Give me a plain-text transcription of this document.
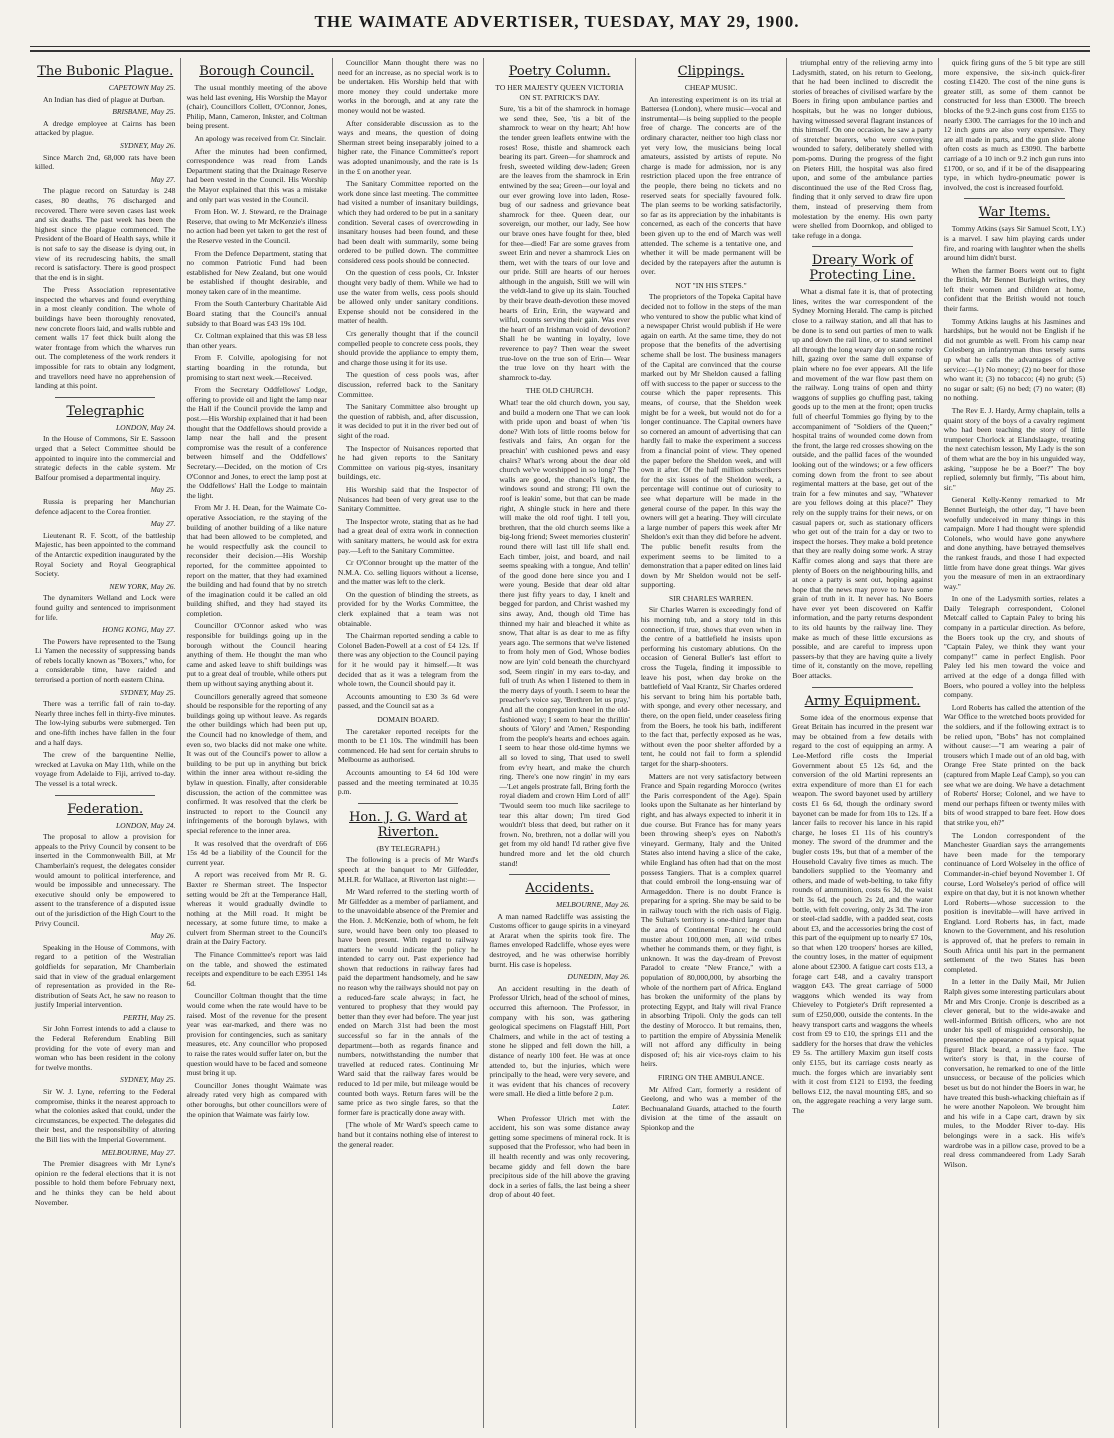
THE WAIMATE ADVERTISER, TUESDAY, MAY 29, 1900.
The Bubonic Plague.
CAPETOWN May 25.

An Indian has died of plague at Durban.

BRISBANE, May 25.

A dredge employee at Cairns has been attacked by plague.

SYDNEY, May 26.

Since March 2nd, 68,000 rats have been killed.

May 27.

The plague record on Saturday is 248 cases, 80 deaths, 76 discharged and recovered. There were seven cases last week and six deaths. The past week has been the highest since the plague commenced. The President of the Board of Health says, while it is not safe to say the disease is dying out, in view of its recrudescing habits, the small record is satisfactory. There is good prospect that the end is in sight.

The Press Association representative inspected the wharves and found everything in a most cleanly condition. The whole of buildings have been thoroughly renovated, new concrete floors laid, and walls rubble and cement walls 17 feet thick built along the water frontage from which the wharves run out. The completeness of the work renders it impossible for rats to obtain any lodgment, and travellors need have no apprehension of landing at this point.

Telegraphic
LONDON, May 24.

In the House of Commons, Sir E. Sassoon urged that a Select Committee should be appointed to inquire into the commercial and strategic defects in the cable system. Mr Balfour promised a departmental inquiry.

May 25.

Russia is preparing her Manchurian defence adjacent to the Corea frontier.

May 27.

Lieutenant R. F. Scott, of the battleship Majestic, has been appointed to the command of the Antarctic expedition inaugurated by the Royal Society and Royal Geographical Society.

NEW YORK, May 26.

The dynamiters Welland and Lock were found guilty and sentenced to imprisonment for life.

HONG KONG, May 27.

The Powers have represented to the Tsung Li Yamen the necessity of suppressing bands of rebels locally known as "Boxers," who, for a considerable time, have raided and terrorised a portion of north eastern China.

SYDNEY, May 25.

There was a terrific fall of rain to-day. Nearly three inches fell in thirty-five minutes. The low-lying suburbs were submerged. Ten and one-fifth inches have fallen in the four and a half days.

The crew of the barquentine Nellie, wrecked at Lavuka on May 11th, while on the voyage from Adelaide to Fiji, arrived to-day. The vessel is a total wreck.

Federation.
LONDON, May 24.

The proposal to allow a provision for appeals to the Privy Council by consent to be inserted in the Commonwealth Bill, at Mr Chamberlain's request, the delegates consider would amount to political interference, and would be impossible and unnecessary. The executive should only be empowered to assent to the transference of a disputed issue out of the jurisdiction of the High Court to the Privy Council.

May 26.

Speaking in the House of Commons, with regard to a petition of the Westralian goldfields for separation, Mr Chamberlain said that in view of the gradual enlargement of representation as provided in the Re-distribution of Seats Act, he saw no reason to justify Imperial intervention.

PERTH, May 25.

Sir John Forrest intends to add a clause to the Federal Referendum Enabling Bill providing for the vote of every man and woman who has been resident in the colony for twelve months.

SYDNEY, May 25.

Sir W. J. Lyne, referring to the Federal compromise, thinks it the nearest approach to what the colonies asked that could, under the circumstances, be expected. The delegates did their best, and the responsibility of altering the Bill lies with the Imperial Government.

MELBOURNE, May 27.

The Premier disagrees with Mr Lyne's opinion re the federal elections that it is not possible to hold them before February next, and he thinks they can be held about November.

Borough Council.

The usual monthly meeting of the above was held last evening, His Worship the Mayor (chair), Councillors Collett, O'Connor, Jones, Philip, Mann, Cameron, Inkster, and Coltman being present.

An apology was received from Cr. Sinclair.

After the minutes had been confirmed, correspondence was read from Lands Department stating that the Drainage Reserve had been vested in the Council. His Worship the Mayor explained that this was a mistake and only part was vested in the Council.

From Hon. W. J. Steward, re the Drainage Reserve, that owing to Mr McKenzie's illness no action had been yet taken to get the rest of the Reserve vested in the Council.

From the Defence Department, stating that no common Patriotic Fund had been established for New Zealand, but one would be established if thought desirable, and money taken care of in the meantime.

From the South Canterbury Charitable Aid Board stating that the Council's annual subsidy to that Board was £43 19s 10d.

Cr. Coltman explained that this was £8 less than other years.

From F. Colville, apologising for not starting boarding in the rotunda, but promising to start next week.—Received.

From the Secretary Oddfellows' Lodge, offering to provide oil and light the lamp near the Hall if the Council provide the lamp and post.—His Worship explained that it had been thought that the Oddfellows should provide a lamp near the hall and the present compromise was the result of a conference between himself and the Oddfellows' Secretary.—Decided, on the motion of Crs O'Connor and Jones, to erect the lamp post at the Oddfellows' Hall the Lodge to maintain the light.

From Mr J. H. Dean, for the Waimate Co-operative Association, re the staying of the building of another building of a like nature that had been allowed to be completed, and he would respectfully ask the council to reconsider their decision.—His Worship reported, for the committee appointed to report on the matter, that they had examined the building and had found that by no stretch of the imagination could it be called an old building shifted, and they had stayed its completion.

Councillor O'Connor asked who was responsible for buildings going up in the borough without the Council hearing anything of them. He thought the man who came and asked leave to shift buildings was put to a great deal of trouble, while others put them up without saying anything about it.

Councillors generally agreed that someone should be responsible for the reporting of any buildings going up without leave. As regards the other buildings which had been put up, the Council had no knowledge of them, and even so, two blacks did not make one white. It was out of the Council's power to allow a building to be put up in anything but brick within the inner area without re-siding the bylaw in question. Finally, after considerable discussion, the action of the committee was confirmed. It was resolved that the clerk be instructed to report to the Council any infringements of the borough bylaws, with special reference to the inner area.

It was resolved that the overdraft of £66 15s 4d be a liability of the Council for the current year.

A report was received from Mr R. G. Baxter re Sherman street. The Inspector setting would be 2ft at the Temperance Hall, whereas it would gradually dwindle to nothing at the Mill road. It might be necessary, at some future time, to make a culvert from Sherman street to the Council's drain at the Dairy Factory.

The Finance Committee's report was laid on the table, and showed the estimated receipts and expenditure to be each £3951 14s 6d.

Councillor Coltman thought that the time would come when the rate would have to be raised. Most of the revenue for the present year was ear-marked, and there was no provision for contingencies, such as sanitary measures, etc. Any councillor who proposed to raise the rates would suffer later on, but the question would have to be faced and someone must bring it up.

Councillor Jones thought Waimate was already rated very high as compared with other boroughs, but other councillors were of the opinion that Waimate was fairly low.

Councillor Mann thought there was no need for an increase, as no special work is to be undertaken. His Worship held that with more money they could undertake more works in the borough, and at any rate the money would not be wasted.

After considerable discussion as to the ways and means, the question of doing Sherman street being inseparably joined to a higher rate, the Finance Committee's report was adopted unanimously, and the rate is 1s in the £ on another year.

The Sanitary Committee reported on the work done since last meeting. The committee had visited a number of insanitary buildings, which they had ordered to be put in a sanitary condition. Several cases of overcrowding in insanitary houses had been found, and these had been dealt with summarily, some being ordered to be pulled down. The committee considered cess pools should be connected.

On the question of cess pools, Cr. Inkster thought very badly of them. While we had to use the water from wells, cess pools should be allowed only under sanitary conditions. Expense should not be considered in the matter of health.

Crs generally thought that if the council compelled people to concrete cess pools, they should provide the appliance to empty them, and charge those using it for its use.

The question of cess pools was, after discussion, referred back to the Sanitary Committee.

The Sanitary Committee also brought up the question of rabbish, and, after discussion, it was decided to put it in the river bed out of sight of the road.

The Inspector of Nuisances reported that he had given reports to the Sanitary Committee on various pig-styes, insanitary buildings, etc.

His Worship said that the Inspector of Nuisances had been of very great use to the Sanitary Committee.

The Inspector wrote, stating that as he had had a great deal of extra work in connection with sanitary matters, he would ask for extra pay.—Left to the Sanitary Committee.

Cr O'Connor brought up the matter of the N.M.A. Co. selling liquors without a license, and the matter was left to the clerk.

On the question of blinding the streets, as provided for by the Works Committee, the clerk explained that a team was not obtainable.

The Chairman reported sending a cable to Colonel Baden-Powell at a cost of £4 12s. If there was any objection to the Council paying for it he would pay it himself.—It was decided that as it was a telegram from the whole town, the Council should pay it.

Accounts amounting to £30 3s 6d were passed, and the Council sat as a

DOMAIN BOARD.

The caretaker reported receipts for the month to be £1 10s. The windmill has been commenced. He had sent for certain shrubs to Melbourne as authorised.

Accounts amounting to £4 6d 10d were passed and the meeting terminated at 10.35 p.m.

Hon. J. G. Ward at Riverton.
(BY TELEGRAPH.)

The following is a precis of Mr Ward's speech at the banquet to Mr Gilfedder, M.H.R. for Wallace, at Riverton last night:—

Mr Ward referred to the sterling worth of Mr Gilfedder as a member of parliament, and to the unavoidable absence of the Premier and the Hon. J. McKenzie, both of whom, he felt sure, would have been only too pleased to have been present. With regard to railway matters he would indicate the policy he intended to carry out. Past experience had shown that reductions in railway fares had paid the department handsomely, and he saw no reason why the railways should not pay on a reduced-fare scale always; in fact, he ventured to prophesy that they would pay better than they ever had before. The year just ended on March 31st had been the most successful so far in the annals of the department—both as regards finance and numbers, notwithstanding the number that travelled at reduced rates. Continuing Mr Ward said that the railway fares would be reduced to 1d per mile, but mileage would be counted both ways. Return fares will be the same price as two single fares, so that the former fare is practically done away with.

[The whole of Mr Ward's speech came to hand but it contains nothing else of interest to the general reader.

Poetry Column.
TO HER MAJESTY QUEEN VICTORIA ON ST. PATRICK'S DAY.

Sure, 'tis a bit of the shamrock in homage we send thee, See, 'tis a bit of the shamrock to wear on thy heart; Ah! how the tender green leaflets entwine with the roses! Rose, thistle and shamrock each bearing its part. Green—for shamrock and fresh, sweeted wilding dew-laden; Green are the leaves from the shamrock in Erin entwined by the sea; Green—our loyal and our ever growing love into laden, Rose-bug of our sadness and grievance beat shamrock for thee. Queen dear, our sovereign, our mother, our lady, See how our brave ones have fought for thee, bled for thee—died! Far are some graves from sweet Erin and never a shamrock Lies on them, wet with the tears of our love and our pride. Still are hearts of our heroes although in the anguish, Still we will win the veldt-land to give up its slain. Touched by their brave death-devotion these moved hearts of Erin, Erin, the wayward and wilful, counts serving their gain. Was ever the heart of an Irishman void of devotion? Shall he be wanting in loyalty, love reverence to pay? Then wear the sweet true-love on the true son of Erin— Wear the true love on thy heart with the shamrock to-day.

THE OLD CHURCH.

What! tear the old church down, you say, and build a modern one That we can look with pride upon and boast of when 'tis done? With lots of little rooms below for festivals and fairs, An organ for the preachin' with cushioned pews and easy chairs? What's wrong about the dear old church we've worshipped in so long? The walls are good, the chancel's light, the windows sound and strong; I'll own the roof is leakin' some, but that can be made right, A shingle stuck in here and there will make the old roof tight. I tell you, brethren, that the old church seems like a big-long friend; Sweet memories clusterin' round there will last till life shall end. Each timber, joist, and board, and nail seems speaking with a tongue, And tellin' of the good done here since you and I were young. Beside that dear old altar there just fifty years to day, I knelt and begged for pardon, and Christ washed my sins away, And, though old Time has thinned my hair and bleached it white as snow, That altar is as dear to me as fifty years ago. The sermons that we've listened to from holy men of God, Whose bodies now are lyin' cold beneath the churchyard sod, Seem ringin' in my ears to-day, and full of truth As when I listened to them in the merry days of youth. I seem to hear the preacher's voice say, 'Brethren let us pray,' And all the congregation kneel in the old-fashioned way; I seem to hear the thrillin' shouts of 'Glory' and 'Amen,' Responding from the people's hearts and echoes again. I seem to hear those old-time hymns we all so loved to sing, That used to swell from ev'ry heart, and make the church ring. There's one now ringin' in my ears—'Let angels prostrate fall, Bring forth the royal diadem and crown Him Lord of all!' 'Twould seem too much like sacrilege to tear this altar down; I'm tired God wouldn't bless that deed, but rather on it frown. No, brethren, not a dollar will you get from my old hand! I'd rather give five hundred more and let the old church stand!

Accidents.
MELBOURNE, May 26.

A man named Radcliffe was assisting the Customs officer to gauge spirits in a vineyard at Ararat when the spirits took fire. The flames enveloped Radcliffe, whose eyes were destroyed, and he was otherwise horribly burnt. His case is hopeless.

DUNEDIN, May 26.

An accident resulting in the death of Professor Ulrich, head of the school of mines, occurred this afternoon. The Professor, in company with his son, was gathering geological specimens on Flagstaff Hill, Port Chalmers, and while in the act of testing a stone he slipped and fell down the hill, a distance of nearly 100 feet. He was at once attended to, but the injuries, which were principally to the head, were very severe, and it was evident that his chances of recovery were small. He died a little before 2 p.m.

Later.

When Professor Ulrich met with the accident, his son was some distance away getting some specimens of mineral rock. It is supposed that the Professor, who had been in ill health recently and was only recovering, became giddy and fell down the bare precipitous side of the hill above the graving dock in a series of falls, the last being a sheer drop of about 40 feet.

Clippings.
CHEAP MUSIC.

An interesting experiment is on its trial at Battersea (London), where music—vocal and instrumental—is being supplied to the people free of charge. The concerts are of the ordinary character, neither too high class nor yet very low, the musicians being local amateurs, assisted by artists of repute. No charge is made for admission, nor is any restriction placed upon the free entrance of the people, there being no tickets and no reserved seats for specially favoured folk. The plan seems to be working satisfactorily, so far as its appreciation by the inhabitants is concerned, as each of the concerts that have been given up to the end of March was well attended. The scheme is a tentative one, and whether it will be made permanent will be decided by the ratepayers after the autumn is over.

NOT "IN HIS STEPS."

The proprietors of the Topeka Capital have decided not to follow in the steps of the man who ventured to show the public what kind of a newspaper Christ would publish if He were again on earth. At the same time, they do not propose that the benefits of the advertising scheme shall be lost. The business managers of the Capital are convinced that the course marked out by Mr Sheldon caused a falling off with success to the paper or success to the course which the paper represents. This means, of course, that the Sheldon week might be for a week, but would not do for a longer continuance. The Capital owners have so cornered an amount of advertising that can hardly fail to make the experiment a success from a financial point of view. They opened the paper before the Sheldon week, and will own it after. Of the half million subscribers for the six issues of the Sheldon week, a percentage will continue out of curiosity to see what departure will be made in the general course of the paper. In this way the owners will get a hearing. They will circulate a large number of papers this week after Mr Sheldon's exit than they did before he advent. The public benefit results from the experiment seems to be limited to a demonstration that a paper edited on lines laid down by Mr Sheldon would not be self-supporting.

SIR CHARLES WARREN.

Sir Charles Warren is exceedingly fond of his morning tub, and a story told in this connection, if true, shows that even when in the centre of a battlefield he insists upon performing his customary ablutions. On the occasion of General Buller's last effort to cross the Tugela, finding it impossible to leave his post, when day broke on the battlefield of Vaal Krantz, Sir Charles ordered his servant to bring him his portable bath, with sponge, and every other necessary, and there, on the open field, under ceaseless firing from the Boers, he took his bath, indifferent to the fact that, perfectly exposed as he was, without even the poor shelter afforded by a tent, he could not fail to form a splendid target for the sharp-shooters.

Matters are not very satisfactory between France and Spain regarding Morocco (writes the Paris correspondent of the Age). Spain looks upon the Sultanate as her hinterland by right, and has always expected to inherit it in due course. But France has for many years been throwing sheep's eyes on Naboth's vineyard. Germany, Italy and the United States also intend having a slice of the cake, while England has often had that on the most possess Tangiers. That is a complex quarrel that could embroil the long-ensuing war of Armageddon. There is no doubt France is preparing for a spring. She may be said to be in railway touch with the rich oasis of Figig. The Sultan's territory is one-third larger than the area of Continental France; he could muster about 100,000 men, all wild tribes whether he commands them, or they fight, is unknown. It was the day-dream of Prevost Paradol to create "New France," with a population of 80,000,000, by absorbing the whole of the northern part of Africa. England has broken the uniformity of the plans by protecting Egypt, and Italy will rival France in absorbing Tripoli. Only the gods can tell the destiny of Morocco. It but remains, then, to partition the empire of Abyssinia Menelik will not afford any difficulty in being disposed of; his air vice-roys claim to his heirs.

FIRING ON THE AMBULANCE.

Mr Alfred Carr, formerly a resident of Geelong, and who was a member of the Bechuanaland Guards, attached to the fourth division at the time of the assault on Spionkop and the

triumphal entry of the relieving army into Ladysmith, stated, on his return to Geelong, that he had been inclined to discredit the stories of breaches of civilised warfare by the Boers in firing upon ambulance parties and hospitals, but he was no longer dubious, having witnessed several flagrant instances of this himself. On one occasion, he saw a party of stretcher bearers, who were conveying wounded to safety, deliberately shelled with pom-poms. During the progress of the fight on Pieters Hill, the hospital was also fired upon, and some of the ambulance parties discontinued the use of the Red Cross flag, finding that it only served to draw fire upon them, instead of preserving them from molestation by the enemy. His own party were shelled from Doornkop, and obliged to take refuge in a donga.

Dreary Work of Protecting Line.

What a dismal fate it is, that of protecting lines, writes the war correspondent of the Sydney Morning Herald. The camp is pitched close to a railway station, and all that has to be done is to send out parties of men to walk up and down the rail line, or to stand sentinel all through the long weary day on some rocky hill, gazing over the same dull expanse of plain where no foe ever appears. All the life and movement of the war flow past them on the railway. Long trains of open and thirty waggons of supplies go chuffing past, taking goods up to the men at the front; open trucks full of cheerful Tommies go flying by to the accompaniment of "Soldiers of the Queen;" hospital trains of wounded come down from the front, the large red crosses showing on the outside, and the pallid faces of the wounded looking out of the windows; or a few officers coming down from the front to see about regimental matters at the base, get out of the train for a few minutes and say, "Whatever are you fellows doing at this place?" They rely on the supply trains for their news, or on casual papers or, such as stationary officers who get out of the train for a day or two to inspect the horses. They make a bold pretence that they are really doing some work. A stray Kaffir comes along and says that there are plenty of Boers on the neighbouring hills, and at once a party is sent out, hoping against hope that the news may prove to have some grain of truth in it. It never has. No Boers have ever yet been discovered on Kaffir information, and the party returns despondent to its old haunts by the railway line. They make as much of these little excursions as possible, and are careful to impress upon passers-by that they are having quite a lively time of it, constantly on the move, repelling Boer attacks.

Army Equipment.

Some idea of the enormous expense that Great Britain has incurred in the present war may be obtained from a few details with regard to the cost of equipping an army. A Lee-Metford rifle costs the Imperial Government about £5 12s 6d, and the conversion of the old Martini represents an extra expenditure of more than £1 for each weapon. The sword bayonet used by artillery costs £1 6s 6d, though the ordinary sword bayonet can be made for from 10s to 12s. If a lancer fails to recover his lance in his rapid charge, he loses £1 11s of his country's money. The sword of the drummer and the bugler costs 19s, but that of a member of the Household Cavalry five times as much. The bandoliers supplied to the Yeomanry and others, and made of web-belting, to take fifty rounds of ammunition, costs 6s 3d, the waist belt 3s 6d, the pouch 2s 2d, and the water bottle, with felt covering, only 2s 3d. The iron or steel-clad saddle, with a padded seat, costs about £3, and the accessories bring the cost of this part of the equipment up to nearly £7 10s, so that when 120 troopers' horses are killed, the country loses, in the matter of equipment alone about £2300. A fatigue cart costs £13, a forage cart £48, and a cavalry transport waggon £43. The great carriage of 5000 waggons which wended its way from Chieveley to Potgieter's Drift represented a sum of £250,000, outside the contents. In the heavy transport carts and waggons the wheels cost from £9 to £10, the springs £11 and the saddlery for the horses that draw the vehicles £9 5s. The artillery Maxim gun itself costs only £155, but its carriage costs nearly as much. the forges which are invariably sent with it cost from £121 to £193, the feeding bellows £12, the naval mounting £85, and so on, the aggregate reaching a very large sum. The

quick firing guns of the 5 bit type are still more expensive, the six-inch quick-firer costing £1420. The cost of the nine guns is greater still, as some of them cannot be constructed for less than £3000. The breech blocks of the 9.2-inch guns cost from £155 to nearly £300. The carriages for the 10 inch and 12 inch guns are also very expensive. They are all made in parts, and the gun slide alone often costs as much as £3090. The barbette carriage of a 10 inch or 9.2 inch gun runs into £1700, or so, and if it be of the disappearing type, in which hydro-pneumatic power is involved, the cost is increased fourfold.

War Items.

Tommy Atkins (says Sir Samuel Scott, I.Y.) is a marvel. I saw him playing cards under fire, and roaring with laughter when the shells around him didn't burst.

When the farmer Boers went out to fight the British, Mr Bennet Burleigh writes, they left their women and children at home, confident that the British would not touch their farms.

Tommy Atkins laughs at his Jasmines and hardships, but he would not be English if he did not grumble as well. From his camp near Colesberg an infantryman thus tersely sums up what he calls the advantages of active service:—(1) No money; (2) no beer for those who want it; (3) no tobacco; (4) no grub; (5) no sugar or salt; (6) no bed; (7) no water; (8) no nothing.

The Rev E. J. Hardy, Army chaplain, tells a quaint story of the boys of a cavalry regiment who had been teaching the story of little trumpeter Chorlock at Elandslaagte, treating the next catechism lesson, My Lady is the son of them what are the boy in his unguided way, asking, "suppose he be a Boer?" The boy replied, solemnly but firmly, "Tis about him, sir."

General Kelly-Kenny remarked to Mr Bennet Burleigh, the other day, "I have been woefully undeceived in many things in this campaign. More I had thought were splendid Colonels, who would have gone anywhere and done anything, have betrayed themselves the rankest frauds, and those I had expected little from have done great things. War gives you the measure of men in an extraordinary way."

In one of the Ladysmith sorties, relates a Daily Telegraph correspondent, Colonel Metcalf called to Captain Paley to bring his company in a particular direction. As before, the Boers took up the cry, and shouts of "Captain Paley, we think they want your company!" came in perfect English. Poor Paley led his men toward the voice and arrived at the edge of a donga filled with Boers, who poured a volley into the helpless company.

Lord Roberts has called the attention of the War Office to the wretched boots provided for the soldiers, and if the following extract is to be relied upon, "Bobs" has not complained without cause:—"I am wearing a pair of trousers which I made out of an old bag, with Orange Free State printed on the back (captured from Maple Leaf Camp), so you can see what we are doing. We have a detachment of Roberts' Horse; Colonel, and we have to mend our perhaps fifteen or twenty miles with bits of wood strapped to bare feet. How does that strike you, eh?"

The London correspondent of the Manchester Guardian says the arrangements have been made for the temporary continuance of Lord Wolseley in the office of Commander-in-chief beyond November 1. Of course, Lord Wolseley's period of office will expire on that day, but it is not known whether Lord Roberts—whose succession to the position is inevitable—will have arrived in England. Lord Roberts has, in fact, made known to the Government, and his resolution is approved of, that he prefers to remain in South Africa until his part in the permanent settlement of the two States has been completed.

In a letter in the Daily Mail, Mr Julien Ralph gives some interesting particulars about Mr and Mrs Cronje. Cronje is described as a clever general, but to the wide-awake and well-informed British officers, who are not under his spell of misguided censorship, he presented the appearance of a typical squat figure! Black beard, a massive face. The writer's story is that, in the course of conversation, he remarked to one of the little unsuccess, or because of the policies which beset us but do not hinder the Boers in war, he have treated this bush-whacking chieftain as if he were another Napoleon. We brought him and his wife in a Cape cart, drawn by six mules, to the Modder River to-day. His belongings were in a sack. His wife's wardrobe was in a pillow case, proved to be a real dress commandeered from Lady Sarah Wilson.
